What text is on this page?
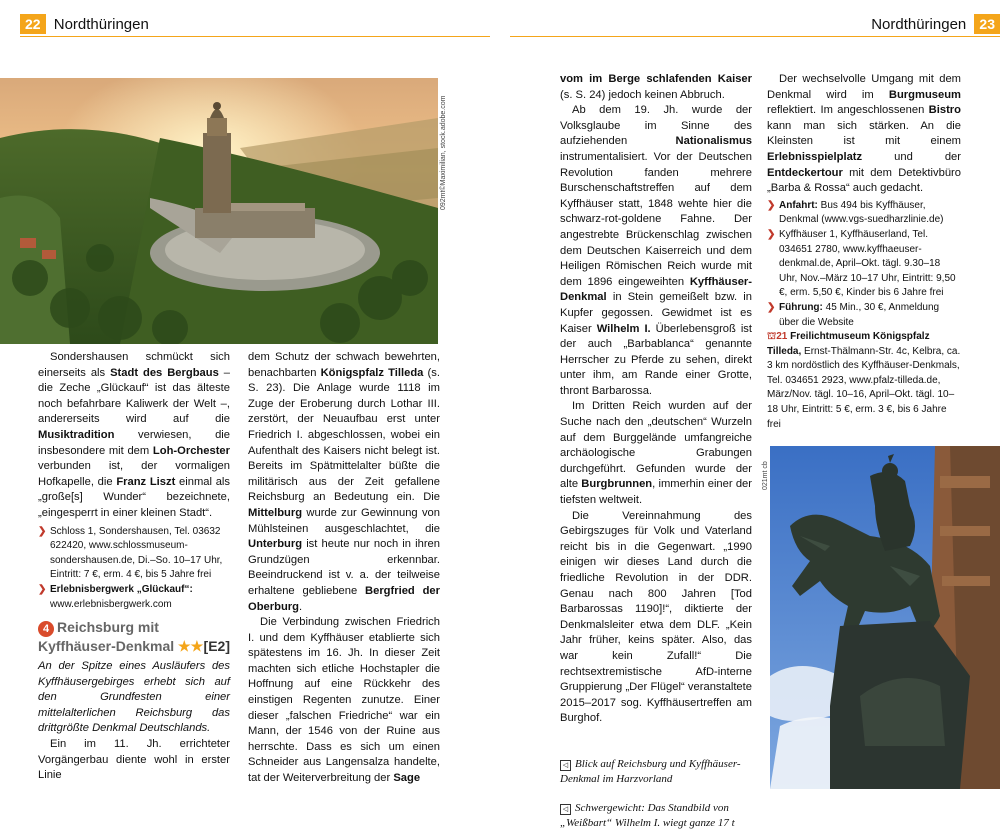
22 Nordthüringen	Nordthüringen 23
092mt©Maximilian, stock.adobe.com
021mt cb

Sondershausen schmückt sich einerseits als Stadt des Bergbaus – die Zeche „Glückauf“ ist das älteste noch befahrbare Kaliwerk der Welt –, andererseits wird auf die Musiktradition verwiesen, die insbesondere mit dem Loh-Orchester verbunden ist, der vormaligen Hofkapelle, die Franz Liszt einmal als „große[s] Wunder“ bezeichnete, „eingesperrt in einer kleinen Stadt“.

❯ Schloss 1, Sondershausen, Tel. 03632 622420, www.schlossmuseum-sondershausen.de, Di.–So. 10–17 Uhr, Eintritt: 7 €, erm. 4 €, bis 5 Jahre frei
❯ Erlebnisbergwerk „Glückauf“: www.erlebnisbergwerk.com
4 Reichsburg mit
Kyffhäuser-Denkmal ★★ [E2]

An der Spitze eines Ausläufers des Kyffhäusergebirges erhebt sich auf den Grundfesten einer mittelalterlichen Reichsburg das drittgrößte Denkmal Deutschlands.

Ein im 11. Jh. errichteter Vorgängerbau diente wohl in erster Linie

dem Schutz der schwach bewehrten, benachbarten Königspfalz Tilleda (s. S. 23). Die Anlage wurde 1118 im Zuge der Eroberung durch Lothar III. zerstört, der Neuaufbau erst unter Friedrich I. abgeschlossen, wobei ein Aufenthalt des Kaisers nicht belegt ist. Bereits im Spätmittelalter büßte die militärisch aus der Zeit gefallene Reichsburg an Bedeutung ein. Die Mittelburg wurde zur Gewinnung von Mühlsteinen ausgeschlachtet, die Unterburg ist heute nur noch in ihren Grundzügen erkennbar. Beeindruckend ist v. a. der teilweise erhaltene gebliebene Bergfried der Oberburg.

Die Verbindung zwischen Friedrich I. und dem Kyffhäuser etablierte sich spätestens im 16. Jh. In dieser Zeit machten sich etliche Hochstapler die Hoffnung auf eine Rückkehr des einstigen Regenten zunutze. Einer dieser „falschen Friedriche“ war ein Mann, der 1546 von der Ruine aus herrschte. Dass es sich um einen Schneider aus Langensalza handelte, tat der Weiterverbreitung der Sage

vom im Berge schlafenden Kaiser (s. S. 24) jedoch keinen Abbruch.

Ab dem 19. Jh. wurde der Volksglaube im Sinne des aufziehenden Nationalismus instrumentalisiert. Vor der Deutschen Revolution fanden mehrere Burschenschaftstreffen auf dem Kyffhäuser statt, 1848 wehte hier die schwarz-rot-goldene Fahne. Der angestrebte Brückenschlag zwischen dem Deutschen Kaiserreich und dem Heiligen Römischen Reich wurde mit dem 1896 eingeweihten Kyffhäuser-Denkmal in Stein gemeißelt bzw. in Kupfer gegossen. Gewidmet ist es Kaiser Wilhelm I. Überlebensgroß ist der auch „Barbablanca“ genannte Herrscher zu Pferde zu sehen, direkt unter ihm, am Rande einer Grotte, thront Barbarossa.

Im Dritten Reich wurden auf der Suche nach den „deutschen“ Wurzeln auf dem Burggelände umfangreiche archäologische Grabungen durchgeführt. Gefunden wurde der alte Burgbrunnen, immerhin einer der tiefsten weltweit.

Die Vereinnahmung des Gebirgszuges für Volk und Vaterland reicht bis in die Gegenwart. „1990 einigen wir dieses Land durch die friedliche Revolution in der DDR. Genau nach 800 Jahren [Tod Barbarossas 1190]!“, diktierte der Denkmalsleiter etwa dem DLF. „Kein Jahr früher, keins später. Also, das war kein Zufall!“ Die rechtsextremistische AfD-interne Gruppierung „Der Flügel“ veranstaltete 2015–2017 sog. Kyffhäusertreffen am Burghof.

◁ Blick auf Reichsburg und Kyffhäuser-Denkmal im Harzvorland
◁ Schwergewicht: Das Standbild von „Weißbart“ Wilhelm I. wiegt ganze 17 t

Der wechselvolle Umgang mit dem Denkmal wird im Burgmuseum reflektiert. Im angeschlossenen Bistro kann man sich stärken. An die Kleinsten ist mit einem Erlebnisspielplatz und der Entdeckertour mit dem Detektivbüro „Barba & Rossa“ auch gedacht.

❯ Anfahrt: Bus 494 bis Kyffhäuser, Denkmal (www.vgs-suedharzlinie.de)
❯ Kyffhäuser 1, Kyffhäuserland, Tel. 034651 2780, www.kyffhaeuser-denkmal.de, April–Okt. tägl. 9.30–18 Uhr, Nov.–März 10–17 Uhr, Eintritt: 9,50 €, erm. 5,50 €, Kinder bis 6 Jahre frei
❯ Führung: 45 Min., 30 €, Anmeldung über die Website
⛫21 Freilichtmuseum Königspfalz Tilleda, Ernst-Thälmann-Str. 4c, Kelbra, ca. 3 km nordöstlich des Kyffhäuser-Denkmals, Tel. 034651 2923, www.pfalz-tilleda.de, März/Nov. tägl. 10–16, April–Okt. tägl. 10–18 Uhr, Eintritt: 5 €, erm. 3 €, bis 6 Jahre frei
